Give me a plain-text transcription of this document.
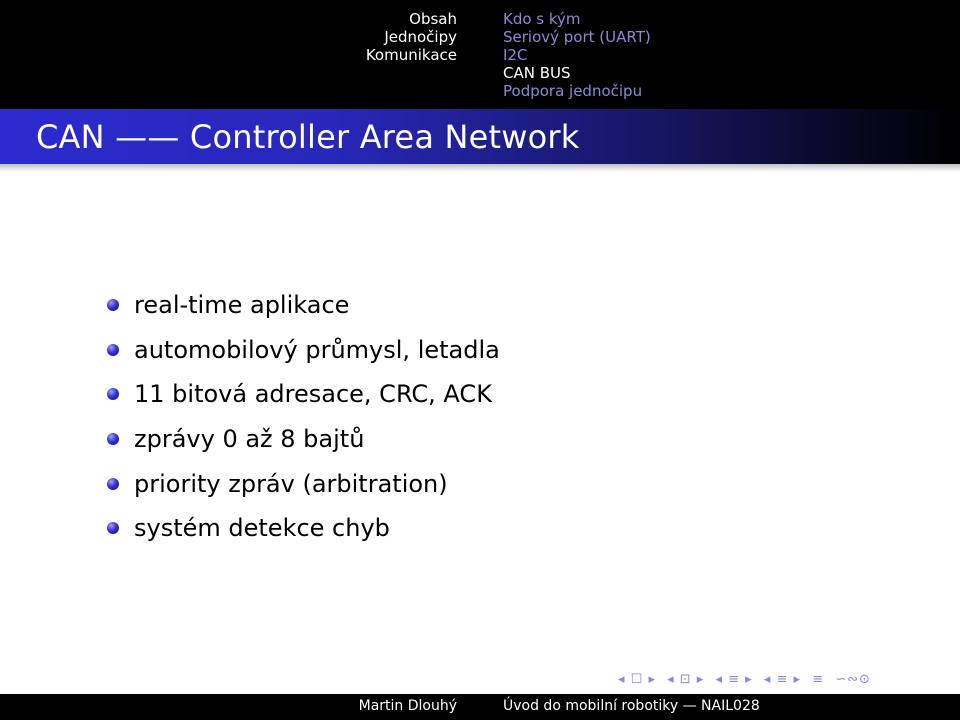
Obsah
Jednočipy
Komunikace
Kdo s kým
Seriový port (UART)
I2C
CAN BUS
Podpora jednočipu
CAN —— Controller Area Network
real-time aplikace
automobilový průmysl, letadla
11 bitová adresace, CRC, ACK
zprávy 0 až 8 bajtů
priority zpráv (arbitration)
systém detekce chyb
◂ ☐ ▸ ◂ ⊡ ▸ ◂ ≡ ▸ ◂ ≡ ▸ ≡ ∽∾⊙
Martin Dlouhý	Úvod do mobilní robotiky — NAIL028
